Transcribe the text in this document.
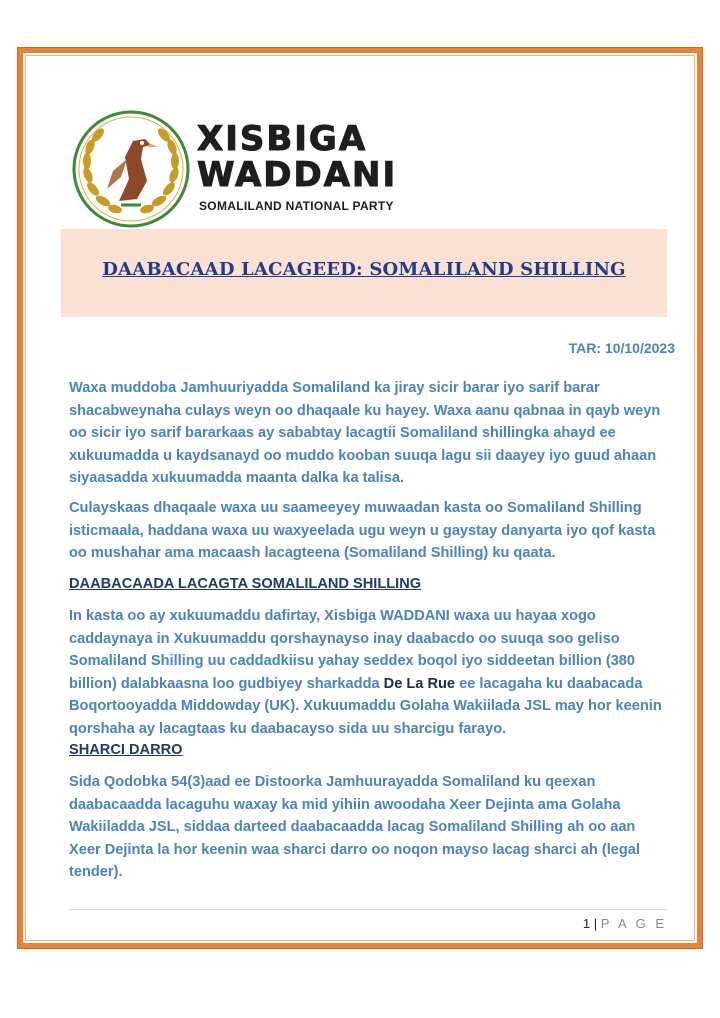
XISBIGA
WADDANI
SOMALILAND NATIONAL PARTY
DAABACAAD LACAGEED: SOMALILAND SHILLING
TAR: 10/10/2023

Waxa muddoba Jamhuuriyadda Somaliland ka jiray sicir barar iyo sarif barar shacabweynaha culays weyn oo dhaqaale ku hayey. Waxa aanu qabnaa in qayb weyn oo sicir iyo sarif bararkaas ay sababtay lacagtii Somaliland shillingka ahayd ee xukuumadda u kaydsanayd oo muddo kooban suuqa lagu sii daayey iyo guud ahaan siyaasadda xukuumadda maanta dalka ka talisa.

Culayskaas dhaqaale waxa uu saameeyey muwaadan kasta oo Somaliland Shilling isticmaala, haddana waxa uu waxyeelada ugu weyn u gaystay danyarta iyo qof kasta oo mushahar ama macaash lacagteena (Somaliland Shilling) ku qaata.

DAABACAADA LACAGTA SOMALILAND SHILLING

In kasta oo ay xukuumaddu dafirtay, Xisbiga WADDANI waxa uu hayaa xogo caddaynaya in Xukuumaddu qorshaynayso inay daabacdo oo suuqa soo geliso Somaliland Shilling uu caddadkiisu yahay seddex boqol iyo siddeetan billion (380 billion) dalabkaasna loo gudbiyey sharkadda De La Rue ee lacagaha ku daabacada Boqortooyadda Middowday (UK). Xukuumaddu Golaha Wakiilada JSL may hor keenin qorshaha ay lacagtaas ku daabacayso sida uu sharcigu farayo.

SHARCI DARRO

Sida Qodobka 54(3)aad ee Distoorka Jamhuurayadda Somaliland ku qeexan daabacaadda lacaguhu waxay ka mid yihiin awoodaha Xeer Dejinta ama Golaha Wakiiladda JSL, siddaa darteed daabacaadda lacag Somaliland Shilling ah oo aan Xeer Dejinta la hor keenin waa sharci darro oo noqon mayso lacag sharci ah (legal tender).

1 | P A G E
